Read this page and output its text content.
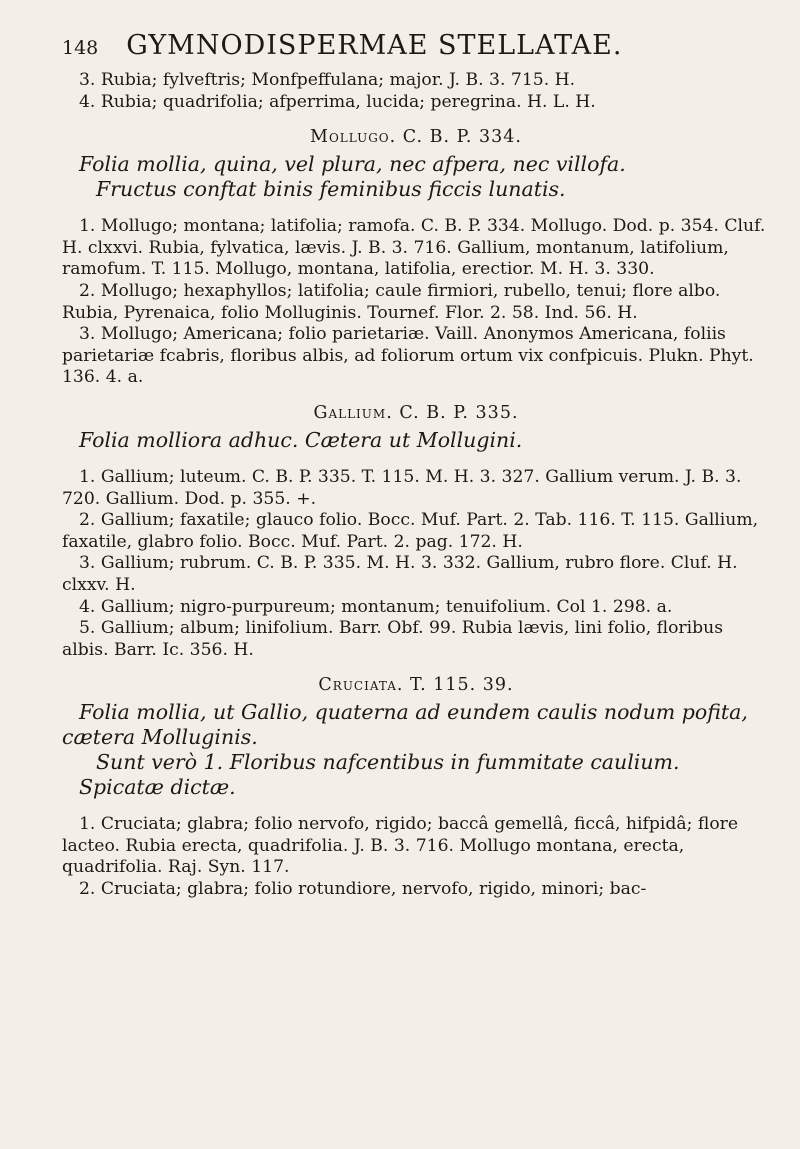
148 GYMNODISPERMAE STELLATAE.

3. Rubia; fylveftris; Monfpeffulana; major. J. B. 3. 715. H.

4. Rubia; quadrifolia; afperrima, lucida; peregrina. H. L. H.

Mollugo. C. B. P. 334.
Folia mollia, quina, vel plura, nec afpera, nec villofa.
Fructus conftat binis feminibus ficcis lunatis.

1. Mollugo; montana; latifolia; ramofa. C. B. P. 334. Mollugo. Dod. p. 354. Cluf. H. clxxvi. Rubia, fylvatica, lævis. J. B. 3. 716. Gallium, montanum, latifolium, ramofum. T. 115. Mollugo, montana, latifolia, erectior. M. H. 3. 330.

2. Mollugo; hexaphyllos; latifolia; caule firmiori, rubello, tenui; flore albo. Rubia, Pyrenaica, folio Molluginis. Tournef. Flor. 2. 58. Ind. 56. H.

3. Mollugo; Americana; folio parietariæ. Vaill. Anonymos Americana, foliis parietariæ fcabris, floribus albis, ad foliorum ortum vix confpicuis. Plukn. Phyt. 136. 4. a.

Gallium. C. B. P. 335.
Folia molliora adhuc. Cætera ut Mollugini.

1. Gallium; luteum. C. B. P. 335. T. 115. M. H. 3. 327. Gallium verum. J. B. 3. 720. Gallium. Dod. p. 355. +.

2. Gallium; faxatile; glauco folio. Bocc. Muf. Part. 2. Tab. 116. T. 115. Gallium, faxatile, glabro folio. Bocc. Muf. Part. 2. pag. 172. H.

3. Gallium; rubrum. C. B. P. 335. M. H. 3. 332. Gallium, rubro flore. Cluf. H. clxxv. H.

4. Gallium; nigro-purpureum; montanum; tenuifolium. Col 1. 298. a.

5. Gallium; album; linifolium. Barr. Obf. 99. Rubia lævis, lini folio, floribus albis. Barr. Ic. 356. H.

Cruciata. T. 115. 39.
Folia mollia, ut Gallio, quaterna ad eundem caulis nodum pofita, cætera Molluginis.
Sunt verò 1. Floribus nafcentibus in fummitate caulium. Spicatæ dictæ.

1. Cruciata; glabra; folio nervofo, rigido; baccâ gemellâ, ficcâ, hifpidâ; flore lacteo. Rubia erecta, quadrifolia. J. B. 3. 716. Mollugo montana, erecta, quadrifolia. Raj. Syn. 117.

2. Cruciata; glabra; folio rotundiore, nervofo, rigido, minori; bac-
